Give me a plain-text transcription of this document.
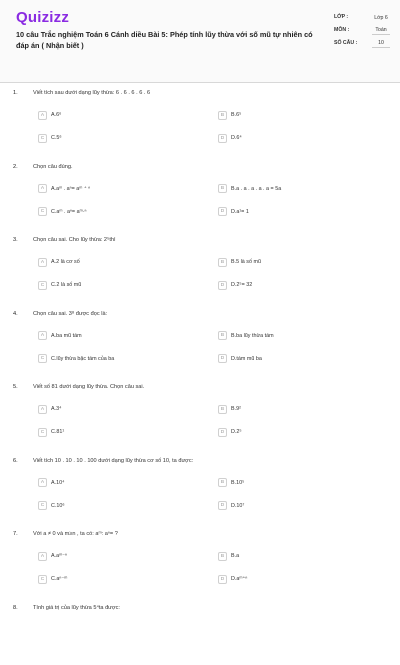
Quizizz
10 câu Trắc nghiệm Toán 6 Cánh diều Bài 5: Phép tính lũy thừa với số mũ tự nhiên có đáp án ( Nhận biết )
LỚP :	Lớp 6
MÔN :	Toán
SỐ CÂU :	10
1.	Viết tích sau dưới dạng lũy thừa: 6 . 6 . 6 . 6 . 6
A	A.6⁶	B	B.6⁵
C	C.5⁶	D	D.6⁴
2.	Chọn câu đúng.
A	A.aᵐ . aⁿ= aᵐ ⁺ ⁿ	B	B.a . a . a . a . a = 5a
C	C.aᵐ . aⁿ= aᵐ·ⁿ	D	D.a¹= 1
3.	Chọn câu sai. Cho lũy thừa: 2⁵thì
A	A.2 là cơ số	B	B.5 là số mũ
C	C.2 là số mũ	D	D.2⁵= 32
4.	Chọn câu sai. 3⁸ được đọc là:
A	A.ba mũ tám	B	B.ba lũy thừa tám
C	C.lũy thừa bậc tám của ba	D	D.tám mũ ba
5.	Viết số 81 dưới dạng lũy thừa. Chọn câu sai.
A	A.3⁴	B	B.9²
C	C.81¹	D	D.2⁵
6.	Viết tích 10 . 10 . 10 . 100 dưới dạng lũy thừa cơ số 10, ta được:
A	A.10⁴	B	B.10⁵
C	C.10⁶	D	D.10⁷
7.	Với a ≠ 0 và m≥n , ta có: aᵐ: aⁿ= ?
A	A.aᵐ⁻ⁿ	B	B.a
C	C.aⁿ⁻ᵐ	D	D.aᵐ⁺ⁿ
8.	Tính giá trị của lũy thừa 5⁴ta được:
